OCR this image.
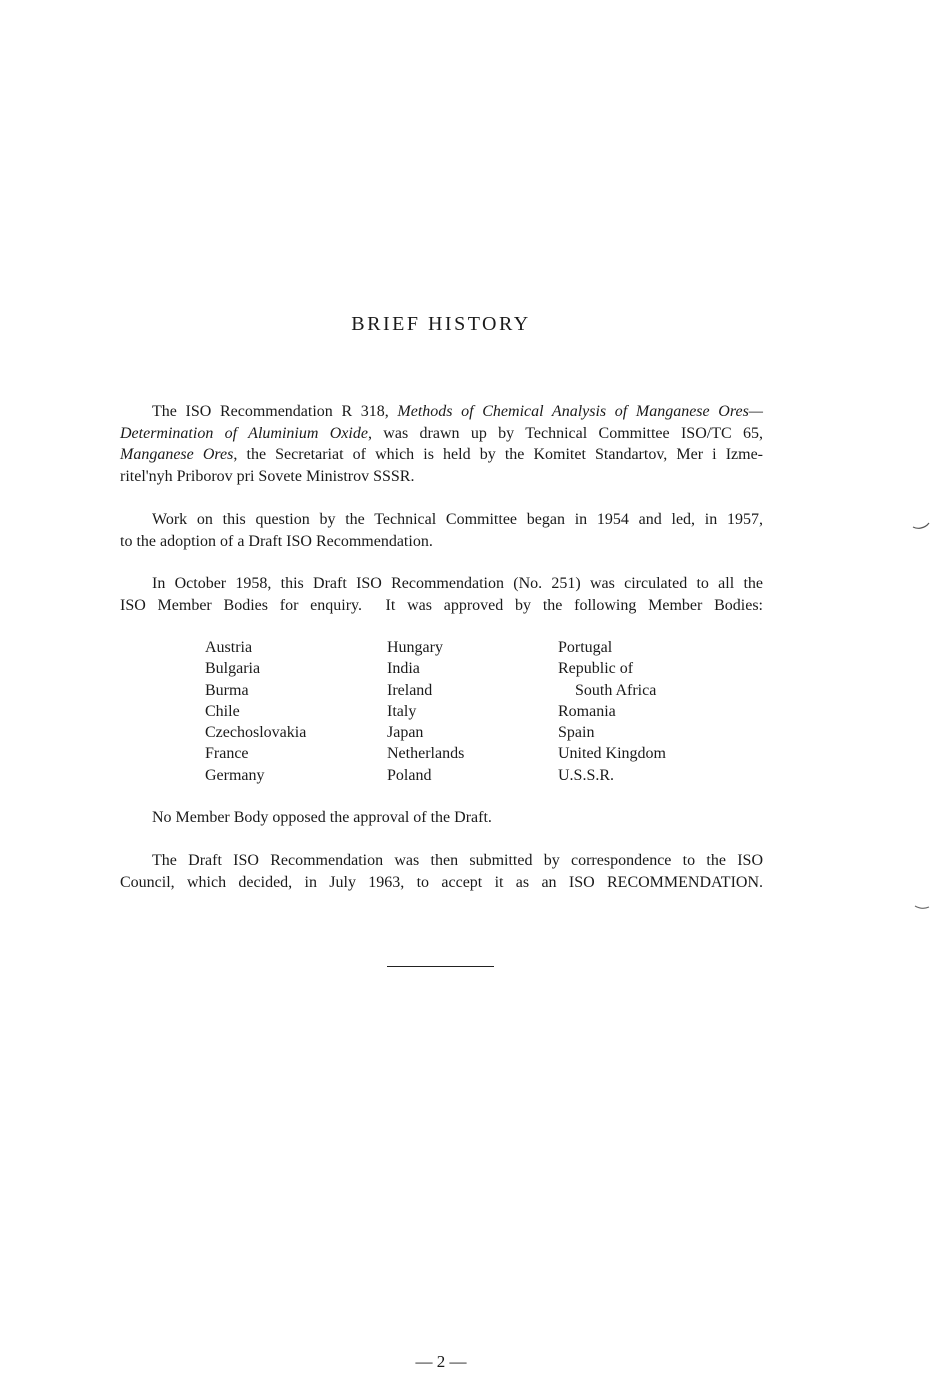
BRIEF HISTORY
The ISO Recommendation R 318, Methods of Chemical Analysis of Manganese Ores—
Determination of Aluminium Oxide, was drawn up by Technical Committee ISO/TC 65,
Manganese Ores, the Secretariat of which is held by the Komitet Standartov, Mer i Izme-
ritel'nyh Priborov pri Sovete Ministrov SSSR.
Work on this question by the Technical Committee began in 1954 and led, in 1957,
to the adoption of a Draft ISO Recommendation.
In October 1958, this Draft ISO Recommendation (No. 251) was circulated to all the
ISO Member Bodies for enquiry.  It was approved by the following Member Bodies:
Austria
Bulgaria
Burma
Chile
Czechoslovakia
France
Germany
Hungary
India
Ireland
Italy
Japan
Netherlands
Poland
Portugal
Republic of
South Africa
Romania
Spain
United Kingdom
U.S.S.R.
No Member Body opposed the approval of the Draft.
The Draft ISO Recommendation was then submitted by correspondence to the ISO
Council, which decided, in July 1963, to accept it as an ISO RECOMMENDATION.
— 2 —
